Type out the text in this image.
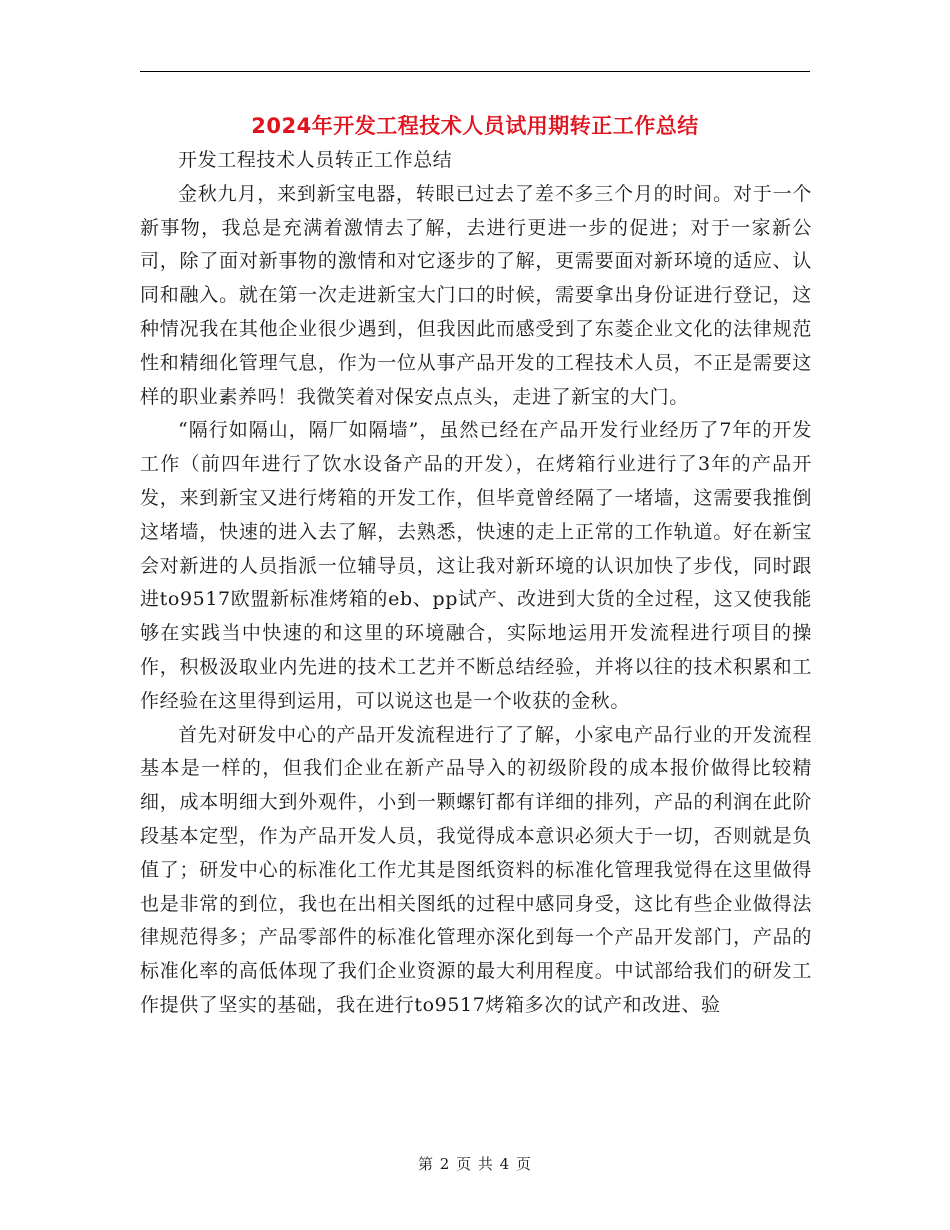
2024年开发工程技术人员试用期转正工作总结

开发工程技术人员转正工作总结

金秋九月，来到新宝电器，转眼已过去了差不多三个月的时间。对于一个新事物，我总是充满着激情去了解，去进行更进一步的促进；对于一家新公司，除了面对新事物的激情和对它逐步的了解，更需要面对新环境的适应、认同和融入。就在第一次走进新宝大门口的时候，需要拿出身份证进行登记，这种情况我在其他企业很少遇到，但我因此而感受到了东菱企业文化的法律规范性和精细化管理气息，作为一位从事产品开发的工程技术人员，不正是需要这样的职业素养吗！我微笑着对保安点点头，走进了新宝的大门。

“隔行如隔山，隔厂如隔墙”，虽然已经在产品开发行业经历了7年的开发工作（前四年进行了饮水设备产品的开发），在烤箱行业进行了3年的产品开发，来到新宝又进行烤箱的开发工作，但毕竟曾经隔了一堵墙，这需要我推倒这堵墙，快速的进入去了解，去熟悉，快速的走上正常的工作轨道。好在新宝会对新进的人员指派一位辅导员，这让我对新环境的认识加快了步伐，同时跟进to9517欧盟新标准烤箱的eb、pp试产、改进到大货的全过程，这又使我能够在实践当中快速的和这里的环境融合，实际地运用开发流程进行项目的操作，积极汲取业内先进的技术工艺并不断总结经验，并将以往的技术积累和工作经验在这里得到运用，可以说这也是一个收获的金秋。

首先对研发中心的产品开发流程进行了了解，小家电产品行业的开发流程基本是一样的，但我们企业在新产品导入的初级阶段的成本报价做得比较精细，成本明细大到外观件，小到一颗螺钉都有详细的排列，产品的利润在此阶段基本定型，作为产品开发人员，我觉得成本意识必须大于一切，否则就是负值了；研发中心的标准化工作尤其是图纸资料的标准化管理我觉得在这里做得也是非常的到位，我也在出相关图纸的过程中感同身受，这比有些企业做得法律规范得多；产品零部件的标准化管理亦深化到每一个产品开发部门，产品的标准化率的高低体现了我们企业资源的最大利用程度。中试部给我们的研发工作提供了坚实的基础，我在进行to9517烤箱多次的试产和改进、验

第 2 页 共 4 页
